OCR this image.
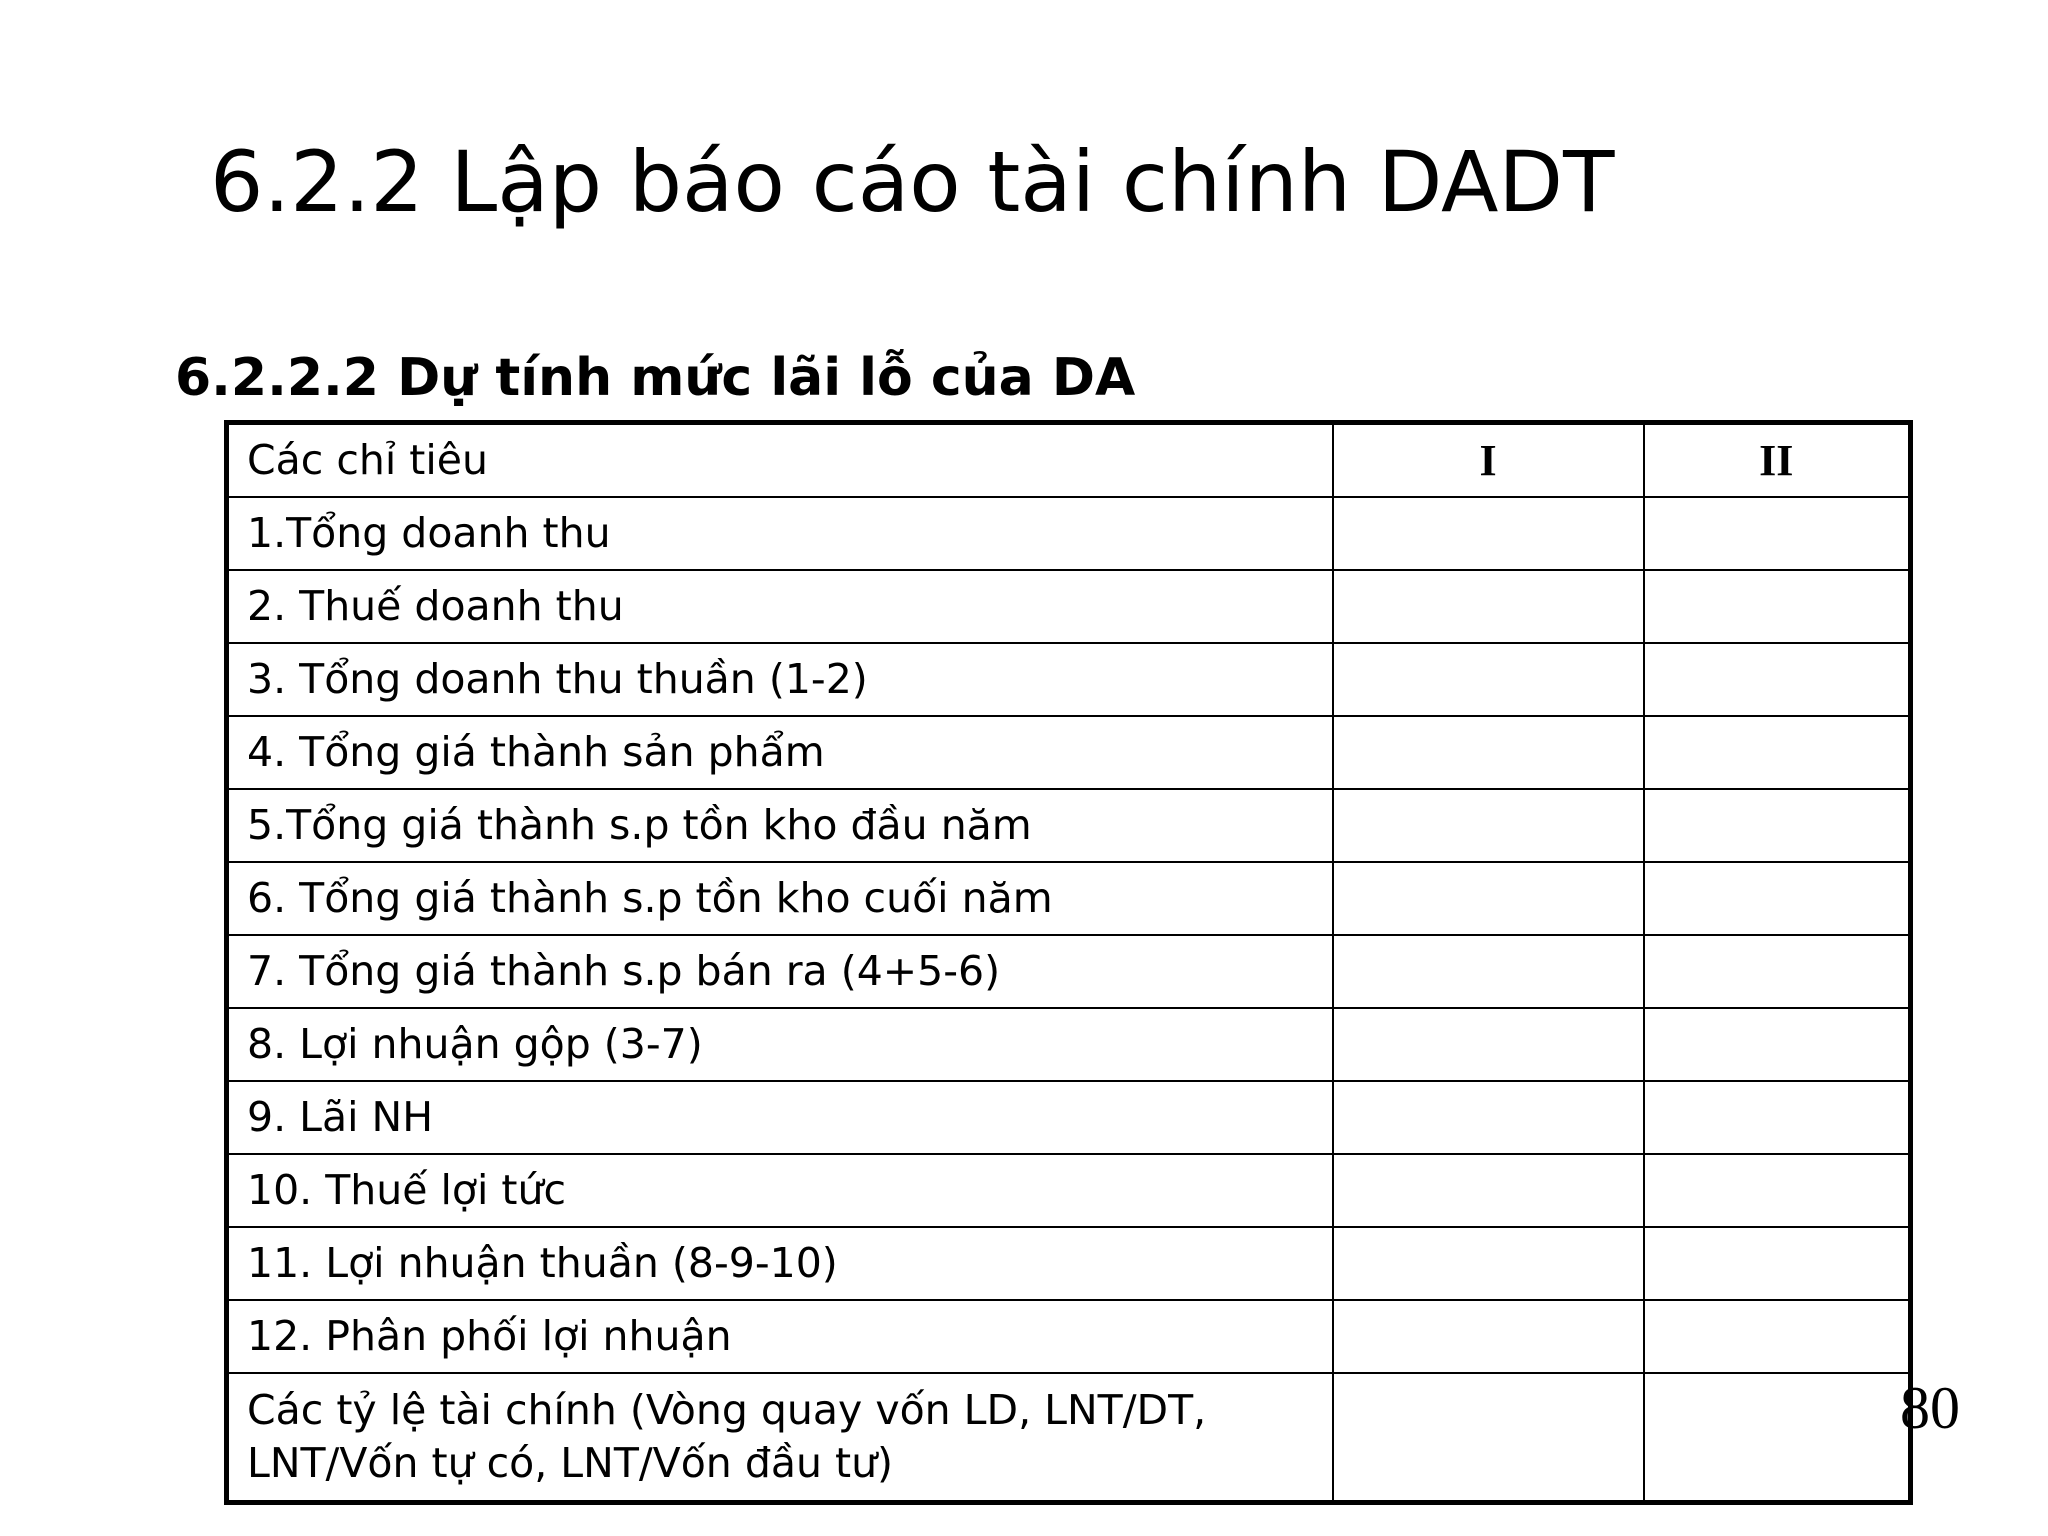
6.2.2 Lập báo cáo tài chính DADT
6.2.2.2 Dự tính mức lãi lỗ của DA
Các chỉ tiêu	I	II
1.Tổng doanh thu		
2. Thuế doanh thu		
3. Tổng doanh thu thuần (1-2)		
4. Tổng giá thành sản phẩm		
5.Tổng giá thành s.p tồn kho đầu năm		
6. Tổng giá thành s.p tồn kho cuối năm		
7. Tổng giá thành s.p bán ra (4+5-6)		
8. Lợi nhuận gộp (3-7)		
9. Lãi NH		
10. Thuế lợi tức		
11. Lợi nhuận thuần (8-9-10)		
12. Phân phối lợi nhuận		
Các tỷ lệ tài chính (Vòng quay vốn LD, LNT/DT, LNT/Vốn tự có, LNT/Vốn đầu tư)		
80
